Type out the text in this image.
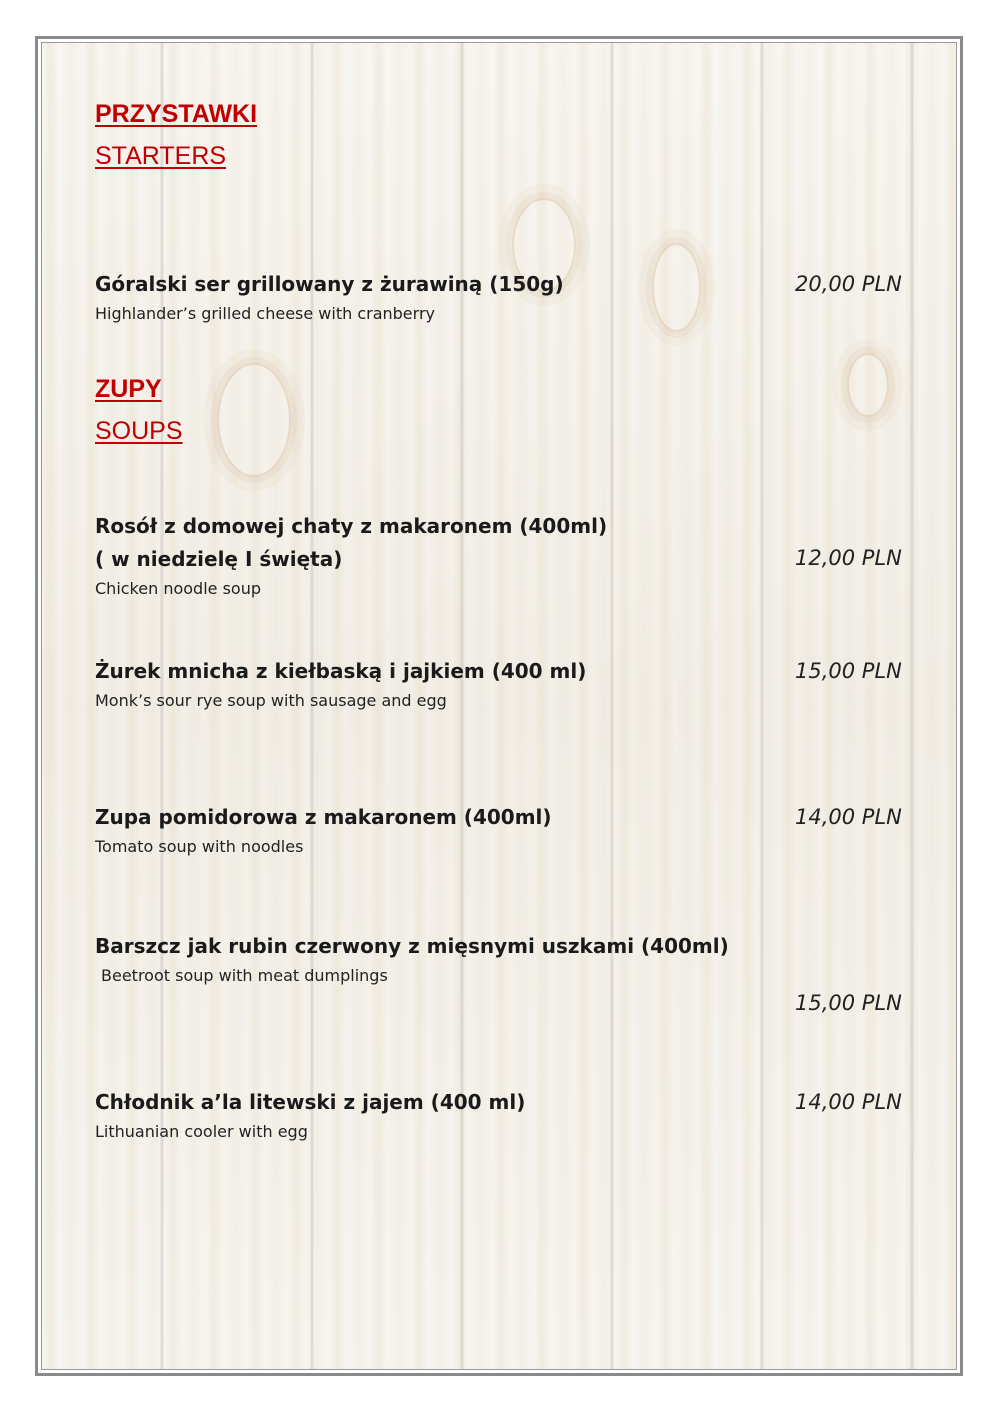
PRZYSTAWKI
STARTERS
Góralski ser grillowany z żurawiną (150g)
Highlander’s grilled cheese with cranberry
20,00 PLN
ZUPY
SOUPS
Rosół z domowej chaty z makaronem (400ml)
( w niedzielę I święta)
Chicken noodle soup
12,00 PLN
Żurek mnicha z kiełbaską i jajkiem (400 ml)
Monk’s sour rye soup with sausage and egg
15,00 PLN
Zupa pomidorowa z makaronem (400ml)
Tomato soup with noodles
14,00 PLN
Barszcz jak rubin czerwony z mięsnymi uszkami (400ml)
Beetroot soup with meat dumplings
15,00 PLN
Chłodnik a’la litewski z jajem (400 ml)
Lithuanian cooler with egg
14,00 PLN
